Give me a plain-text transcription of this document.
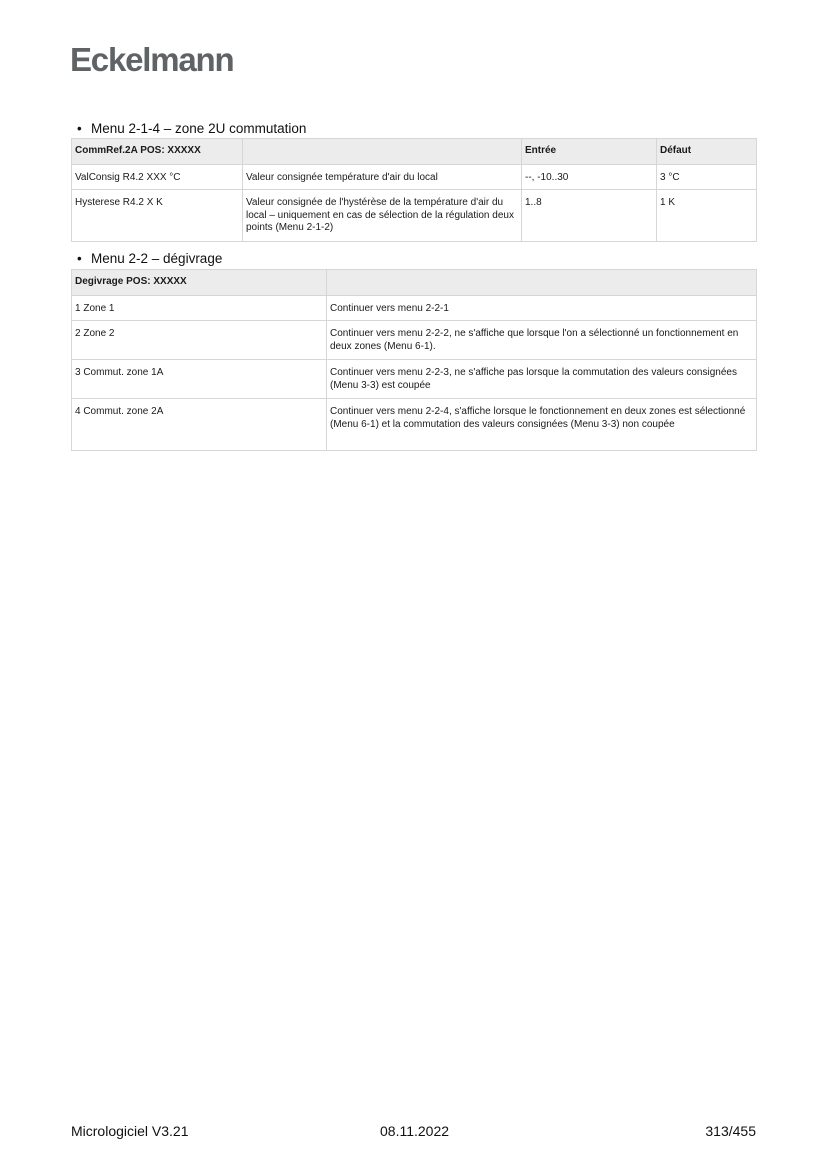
Eckelmann
• Menu 2-1-4 – zone 2U commutation
CommRef.2A POS: XXXXX		Entrée	Défaut
ValConsig R4.2 XXX °C	Valeur consignée température d'air du local	--, -10..30	3 °C
Hysterese R4.2 X K	Valeur consignée de l'hystérèse de la température d'air du local – uniquement en cas de sélection de la régulation deux points (Menu 2-1-2)	1..8	1 K
• Menu 2-2 – dégivrage
Degivrage POS: XXXXX	
1 Zone 1	Continuer vers menu 2-2-1
2 Zone 2	Continuer vers menu 2-2-2, ne s'affiche que lorsque l'on a sélectionné un fonctionnement en deux zones (Menu 6-1).
3 Commut. zone 1A	Continuer vers menu 2-2-3, ne s'affiche pas lorsque la commutation des valeurs consignées (Menu 3-3) est coupée
4 Commut. zone 2A	Continuer vers menu 2-2-4, s'affiche lorsque le fonctionnement en deux zones est sélectionné (Menu 6-1) et la commutation des valeurs consignées (Menu 3-3) non coupée
Micrologiciel V3.21	08.11.2022	313/455
